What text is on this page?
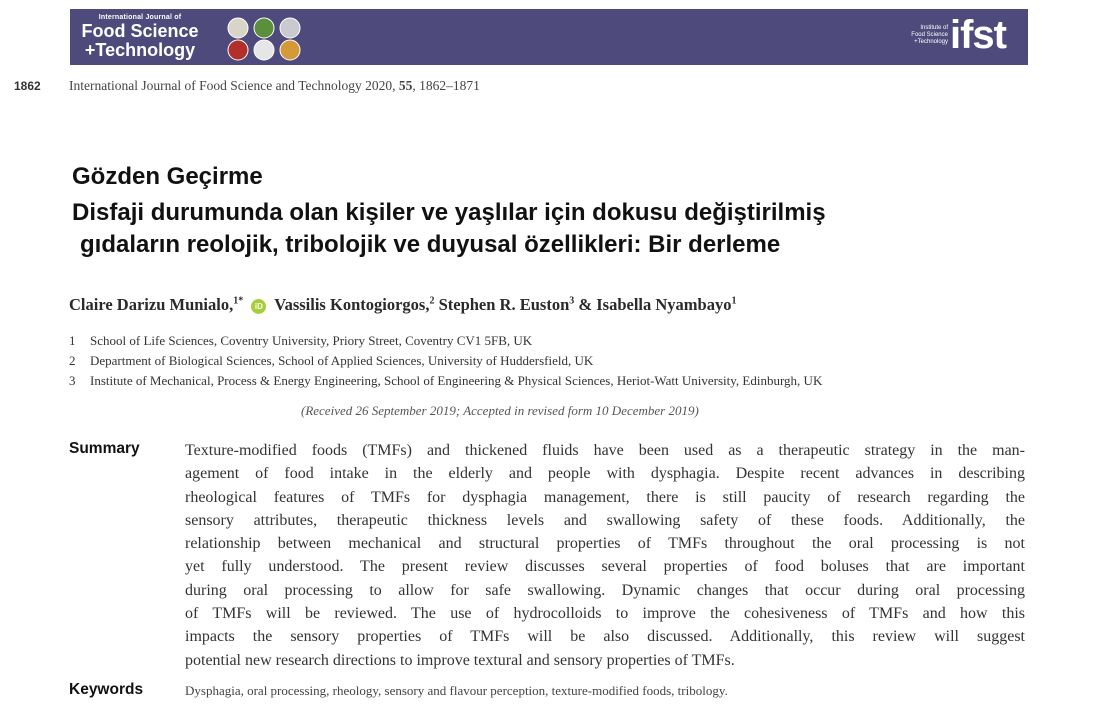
International Journal of
Food Science
+Technology
Institute of
Food Science
+Technology ifst
1862 International Journal of Food Science and Technology 2020, 55, 1862–1871
Gözden Geçirme
Disfaji durumunda olan kişiler ve yaşlılar için dokusu değiştirilmiş
gıdaların reolojik, tribolojik ve duyusal özellikleri: Bir derleme
Claire Darizu Munialo,$^{1*}$ iD Vassilis Kontogiorgos,$^2$ Stephen R. Euston$^3$ & Isabella Nyambayo$^1$
1 School of Life Sciences, Coventry University, Priory Street, Coventry CV1 5FB, UK
2 Department of Biological Sciences, School of Applied Sciences, University of Huddersfield, UK
3 Institute of Mechanical, Process & Energy Engineering, School of Engineering & Physical Sciences, Heriot-Watt University, Edinburgh, UK
(Received 26 September 2019; Accepted in revised form 10 December 2019)
Summary	Texture-modified foods (TMFs) and thickened fluids have been used as a therapeutic strategy in the man-
agement of food intake in the elderly and people with dysphagia. Despite recent advances in describing
rheological features of TMFs for dysphagia management, there is still paucity of research regarding the
sensory attributes, therapeutic thickness levels and swallowing safety of these foods. Additionally, the
relationship between mechanical and structural properties of TMFs throughout the oral processing is not
yet fully understood. The present review discusses several properties of food boluses that are important
during oral processing to allow for safe swallowing. Dynamic changes that occur during oral processing
of TMFs will be reviewed. The use of hydrocolloids to improve the cohesiveness of TMFs and how this
impacts the sensory properties of TMFs will be also discussed. Additionally, this review will suggest
potential new research directions to improve textural and sensory properties of TMFs.
Keywords	Dysphagia, oral processing, rheology, sensory and flavour perception, texture-modified foods, tribology.
